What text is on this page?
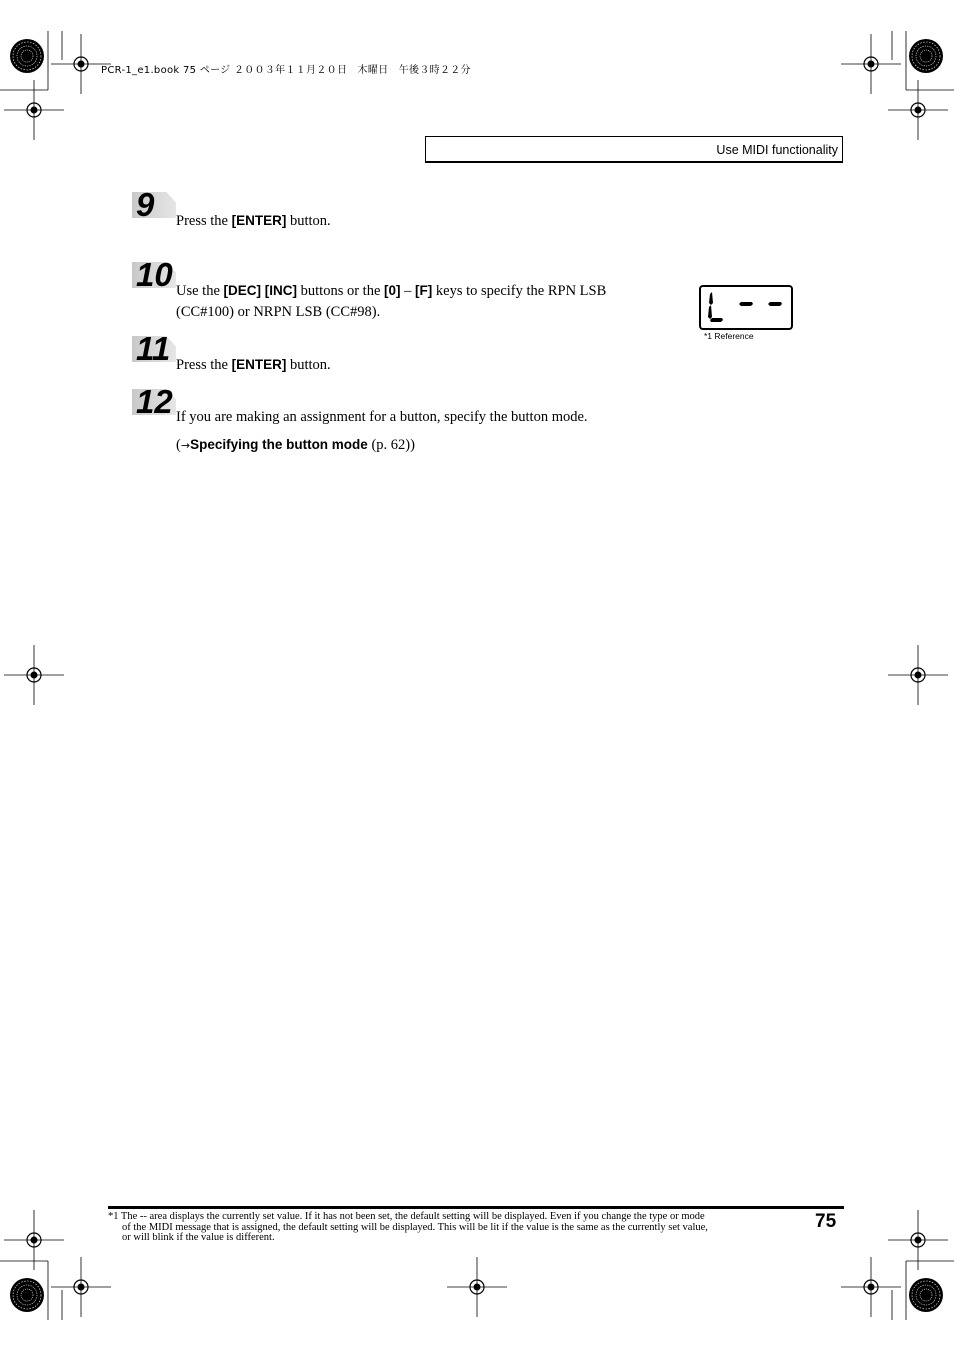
PCR-1_e1.book 75 ページ ２００３年１１月２０日　木曜日　午後３時２２分
Use MIDI functionality
9 Press the [ENTER] button.
10 Use the [DEC] [INC] buttons or the [0] – [F] keys to specify the RPN LSB
(CC#100) or NRPN LSB (CC#98).
*1 Reference
11 Press the [ENTER] button.
12 If you are making an assignment for a button, specify the button mode.
(→Specifying the button mode (p. 62))
*1 The -- area displays the currently set value. If it has not been set, the default setting will be displayed. Even if you change the type or mode
of the MIDI message that is assigned, the default setting will be displayed. This will be lit if the value is the same as the currently set value,
or will blink if the value is different.
75
